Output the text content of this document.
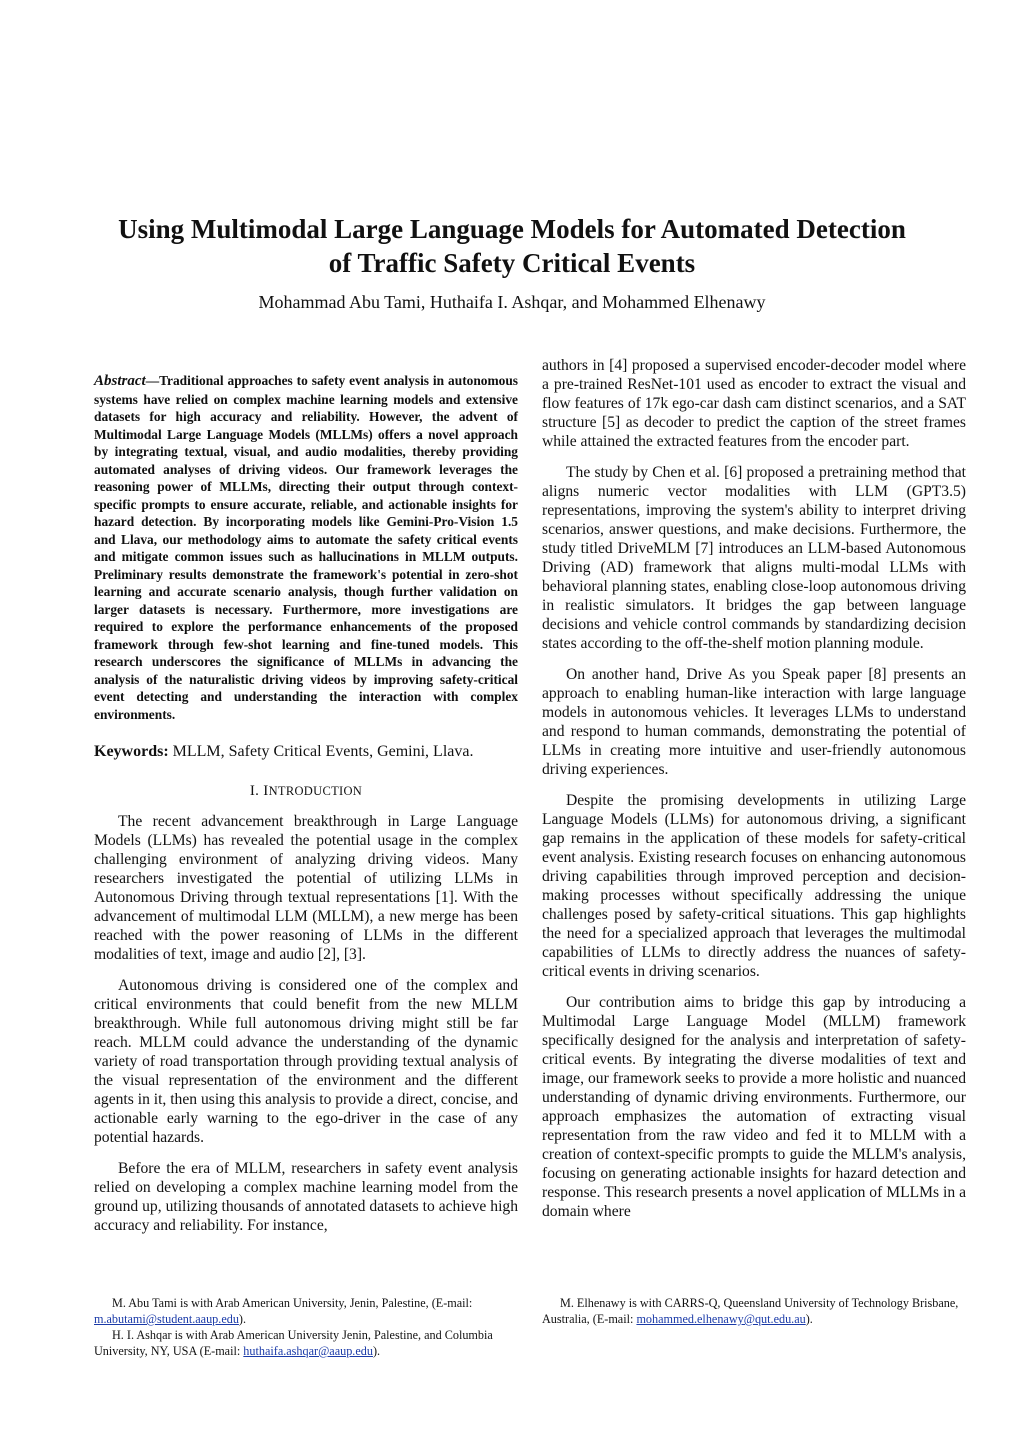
Using Multimodal Large Language Models for Automated Detection
of Traffic Safety Critical Events
Mohammad Abu Tami, Huthaifa I. Ashqar, and Mohammed Elhenawy
Abstract—Traditional approaches to safety event analysis in autonomous systems have relied on complex machine learning models and extensive datasets for high accuracy and reliability. However, the advent of Multimodal Large Language Models (MLLMs) offers a novel approach by integrating textual, visual, and audio modalities, thereby providing automated analyses of driving videos. Our framework leverages the reasoning power of MLLMs, directing their output through context-specific prompts to ensure accurate, reliable, and actionable insights for hazard detection. By incorporating models like Gemini-Pro-Vision 1.5 and Llava, our methodology aims to automate the safety critical events and mitigate common issues such as hallucinations in MLLM outputs. Preliminary results demonstrate the framework's potential in zero-shot learning and accurate scenario analysis, though further validation on larger datasets is necessary. Furthermore, more investigations are required to explore the performance enhancements of the proposed framework through few-shot learning and fine-tuned models. This research underscores the significance of MLLMs in advancing the analysis of the naturalistic driving videos by improving safety-critical event detecting and understanding the interaction with complex environments.
Keywords: MLLM, Safety Critical Events, Gemini, Llava.
I. INTRODUCTION

The recent advancement breakthrough in Large Language Models (LLMs) has revealed the potential usage in the complex challenging environment of analyzing driving videos. Many researchers investigated the potential of utilizing LLMs in Autonomous Driving through textual representations [1]. With the advancement of multimodal LLM (MLLM), a new merge has been reached with the power reasoning of LLMs in the different modalities of text, image and audio [2], [3].

Autonomous driving is considered one of the complex and critical environments that could benefit from the new MLLM breakthrough. While full autonomous driving might still be far reach. MLLM could advance the understanding of the dynamic variety of road transportation through providing textual analysis of the visual representation of the environment and the different agents in it, then using this analysis to provide a direct, concise, and actionable early warning to the ego-driver in the case of any potential hazards.

Before the era of MLLM, researchers in safety event analysis relied on developing a complex machine learning model from the ground up, utilizing thousands of annotated datasets to achieve high accuracy and reliability. For instance,

authors in [4] proposed a supervised encoder-decoder model where a pre-trained ResNet-101 used as encoder to extract the visual and flow features of 17k ego-car dash cam distinct scenarios, and a SAT structure [5] as decoder to predict the caption of the street frames while attained the extracted features from the encoder part.

The study by Chen et al. [6] proposed a pretraining method that aligns numeric vector modalities with LLM (GPT3.5) representations, improving the system's ability to interpret driving scenarios, answer questions, and make decisions. Furthermore, the study titled DriveMLM [7] introduces an LLM-based Autonomous Driving (AD) framework that aligns multi-modal LLMs with behavioral planning states, enabling close-loop autonomous driving in realistic simulators. It bridges the gap between language decisions and vehicle control commands by standardizing decision states according to the off-the-shelf motion planning module.

On another hand, Drive As you Speak paper [8] presents an approach to enabling human-like interaction with large language models in autonomous vehicles. It leverages LLMs to understand and respond to human commands, demonstrating the potential of LLMs in creating more intuitive and user-friendly autonomous driving experiences.

Despite the promising developments in utilizing Large Language Models (LLMs) for autonomous driving, a significant gap remains in the application of these models for safety-critical event analysis. Existing research focuses on enhancing autonomous driving capabilities through improved perception and decision-making processes without specifically addressing the unique challenges posed by safety-critical situations. This gap highlights the need for a specialized approach that leverages the multimodal capabilities of LLMs to directly address the nuances of safety-critical events in driving scenarios.

Our contribution aims to bridge this gap by introducing a Multimodal Large Language Model (MLLM) framework specifically designed for the analysis and interpretation of safety-critical events. By integrating the diverse modalities of text and image, our framework seeks to provide a more holistic and nuanced understanding of dynamic driving environments. Furthermore, our approach emphasizes the automation of extracting visual representation from the raw video and fed it to MLLM with a creation of context-specific prompts to guide the MLLM's analysis, focusing on generating actionable insights for hazard detection and response. This research presents a novel application of MLLMs in a domain where

M. Abu Tami is with Arab American University, Jenin, Palestine, (E-mail: m.abutami@student.aaup.edu).

H. I. Ashqar is with Arab American University Jenin, Palestine, and Columbia University, NY, USA (E-mail: huthaifa.ashqar@aaup.edu).

M. Elhenawy is with CARRS-Q, Queensland University of Technology Brisbane, Australia, (E-mail: mohammed.elhenawy@qut.edu.au).
